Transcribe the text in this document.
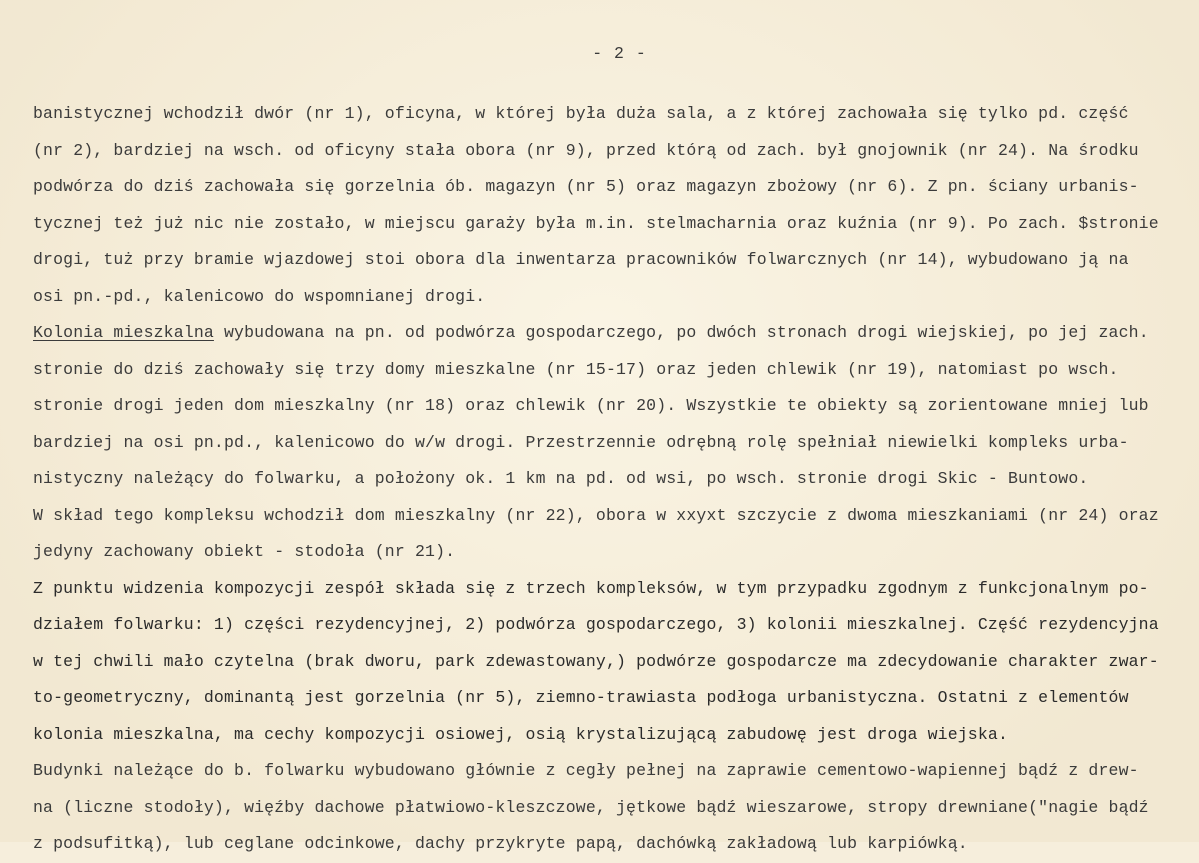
- 2 -
banistycznej wchodził dwór (nr 1), oficyna, w której była duża sala, a z której zachowała się tylko pd. część
(nr 2), bardziej na wsch. od oficyny stała obora (nr 9), przed którą od zach. był gnojownik (nr 24). Na środku
podwórza do dziś zachowała się gorzelnia ób. magazyn (nr 5) oraz magazyn zbożowy (nr 6). Z pn. ściany urbanis-
tycznej też już nic nie zostało, w miejscu garaży była m.in. stelmacharnia oraz kuźnia (nr 9). Po zach. $stronie
drogi, tuż przy bramie wjazdowej stoi obora dla inwentarza pracowników folwarcznych (nr 14), wybudowano ją na
osi pn.-pd., kalenicowo do wspomnianej drogi.
Kolonia mieszkalna wybudowana na pn. od podwórza gospodarczego, po dwóch stronach drogi wiejskiej, po jej zach.
stronie do dziś zachowały się trzy domy mieszkalne (nr 15-17) oraz jeden chlewik (nr 19), natomiast po wsch.
stronie drogi jeden dom mieszkalny (nr 18) oraz chlewik (nr 20). Wszystkie te obiekty są zorientowane mniej lub
bardziej na osi pn.pd., kalenicowo do w/w drogi. Przestrzennie odrębną rolę spełniał niewielki kompleks urba-
nistyczny należący do folwarku, a położony ok. 1 km na pd. od wsi, po wsch. stronie drogi Skic - Buntowo.
W skład tego kompleksu wchodził dom mieszkalny (nr 22), obora w xxyxt szczycie z dwoma mieszkaniami (nr 24) oraz
jedyny zachowany obiekt - stodoła (nr 21).
Z punktu widzenia kompozycji zespół składa się z trzech kompleksów, w tym przypadku zgodnym z funkcjonalnym po-
działem folwarku: 1) części rezydencyjnej, 2) podwórza gospodarczego, 3) kolonii mieszkalnej. Część rezydencyjna
w tej chwili mało czytelna (brak dworu, park zdewastowany,) podwórze gospodarcze ma zdecydowanie charakter zwar-
to-geometryczny, dominantą jest gorzelnia (nr 5), ziemno-trawiasta podłoga urbanistyczna. Ostatni z elementów
kolonia mieszkalna, ma cechy kompozycji osiowej, osią krystalizującą zabudowę jest droga wiejska.
Budynki należące do b. folwarku wybudowano głównie z cegły pełnej na zaprawie cementowo-wapiennej bądź z drew-
na (liczne stodoły), więźby dachowe płatwiowo-kleszczowe, jętkowe bądź wieszarowe, stropy drewniane("nagie bądź
z podsufitką), lub ceglane odcinkowe, dachy przykryte papą, dachówką zakładową lub karpiówką.
